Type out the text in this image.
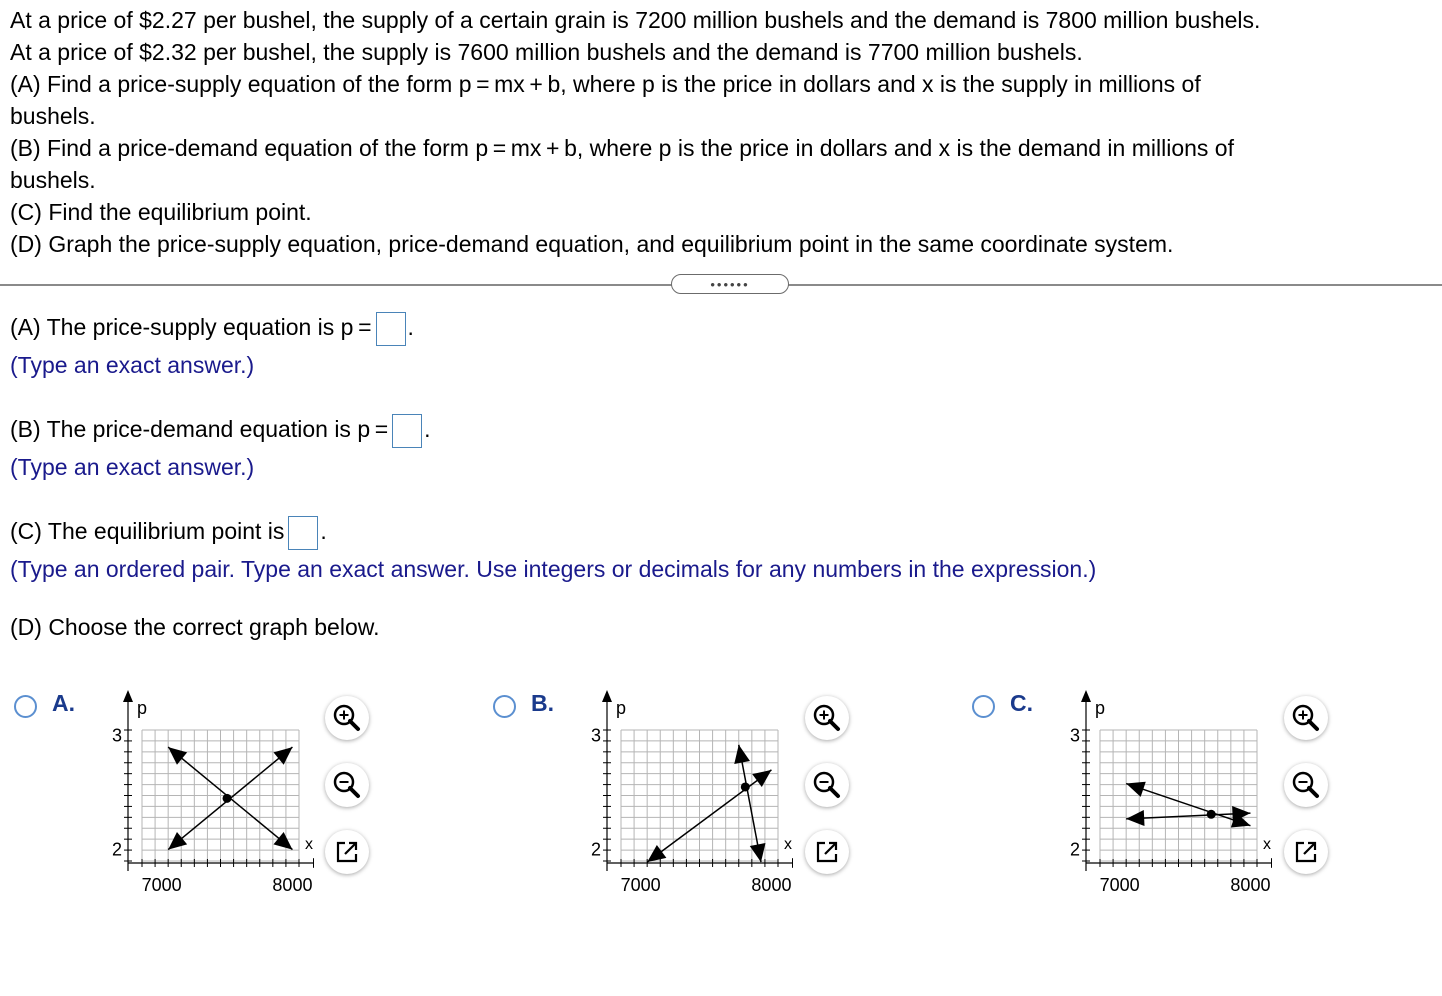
At a price of $2.27 per bushel, the supply of a certain grain is 7200 million bushels and the demand is 7800 million bushels.
At a price of $2.32 per bushel, the supply is 7600 million bushels and the demand is 7700 million bushels.
(A) Find a price-supply equation of the form p = mx + b, where p is the price in dollars and x is the supply in millions of
bushels.
(B) Find a price-demand equation of the form p = mx + b, where p is the price in dollars and x is the demand in millions of
bushels.
(C) Find the equilibrium point.
(D) Graph the price-supply equation, price-demand equation, and equilibrium point in the same coordinate system.
••••••
(A) The price-supply equation is p = .
(Type an exact answer.)
(B) The price-demand equation is p = .
(Type an exact answer.)
(C) The equilibrium point is .
(Type an ordered pair. Type an exact answer. Use integers or decimals for any numbers in the expression.)
(D) Choose the correct graph below.
A.
7000	8000
2
3
x
p	B.
7000	8000
2
3
x
p	C.
7000	8000
2
3
x
p
